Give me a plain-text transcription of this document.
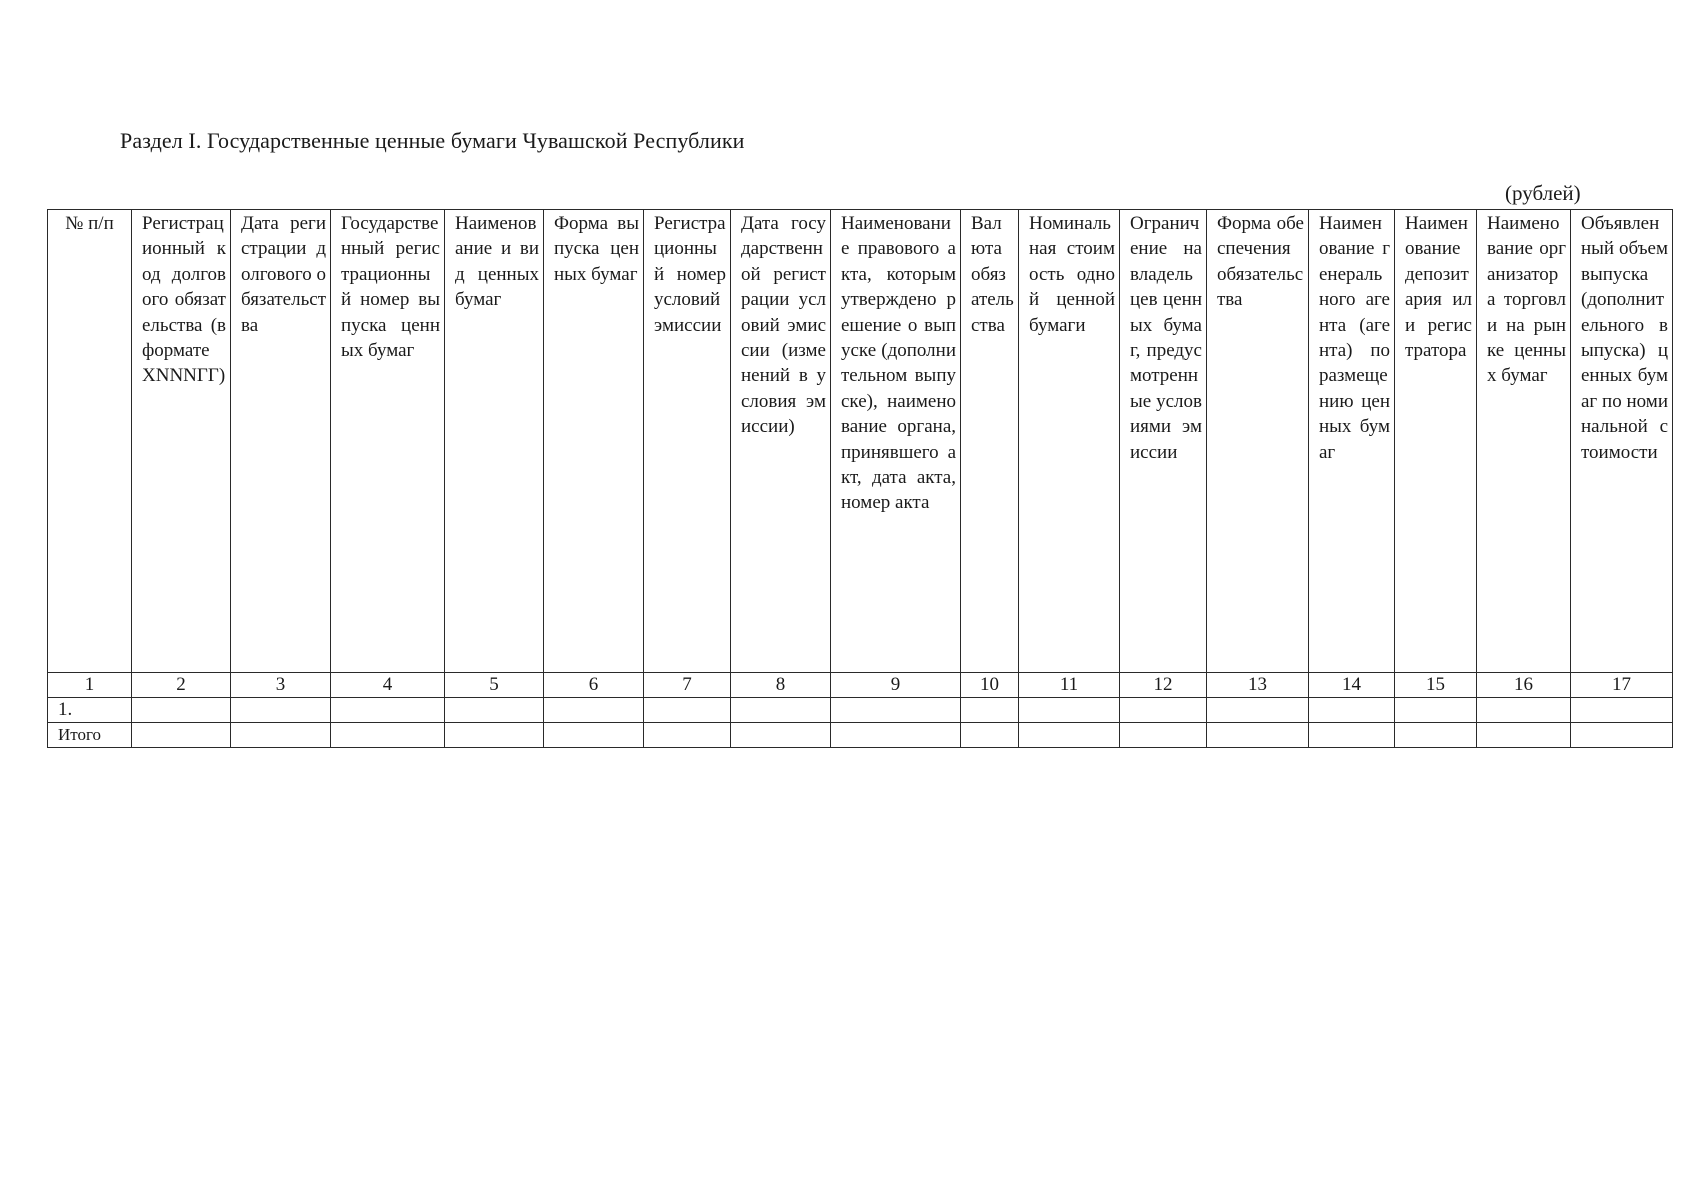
Раздел I. Государственные ценные бумаги Чувашской Республики
(рублей)
№ п/п	Регистрационный код долгового обязательства (в формате XNNNГГ)	Дата регистрации долгового обязательства	Государственный регистрационный номер выпуска ценных бумаг	Наименование и вид ценных бумаг	Форма выпуска ценных бумаг	Регистрационный номер условий эмиссии	Дата государственной регистрации условий эмиссии (изменений в условия эмиссии)	Наименование правового акта, которым утверждено решение о выпуске (дополнительном выпуске), наименование органа, принявшего акт, дата акта, номер акта	Валюта обязательства	Номинальная стоимость одной ценной бумаги	Ограничение на владельцев ценных бумаг, предусмотренные условиями эмиссии	Форма обеспечения обязательства	Наименование генерального агента (агента) по размещению ценных бумаг	Наименование депозитария или регистратора	Наименование организатора торговли на рынке ценных бумаг	Объявленный объем выпуска (дополнительного выпуска) ценных бумаг по номинальной стоимости

1	2	3	4	5	6	7	8	9	10	11	12	13	14	15	16	17
1.																
Итого																
